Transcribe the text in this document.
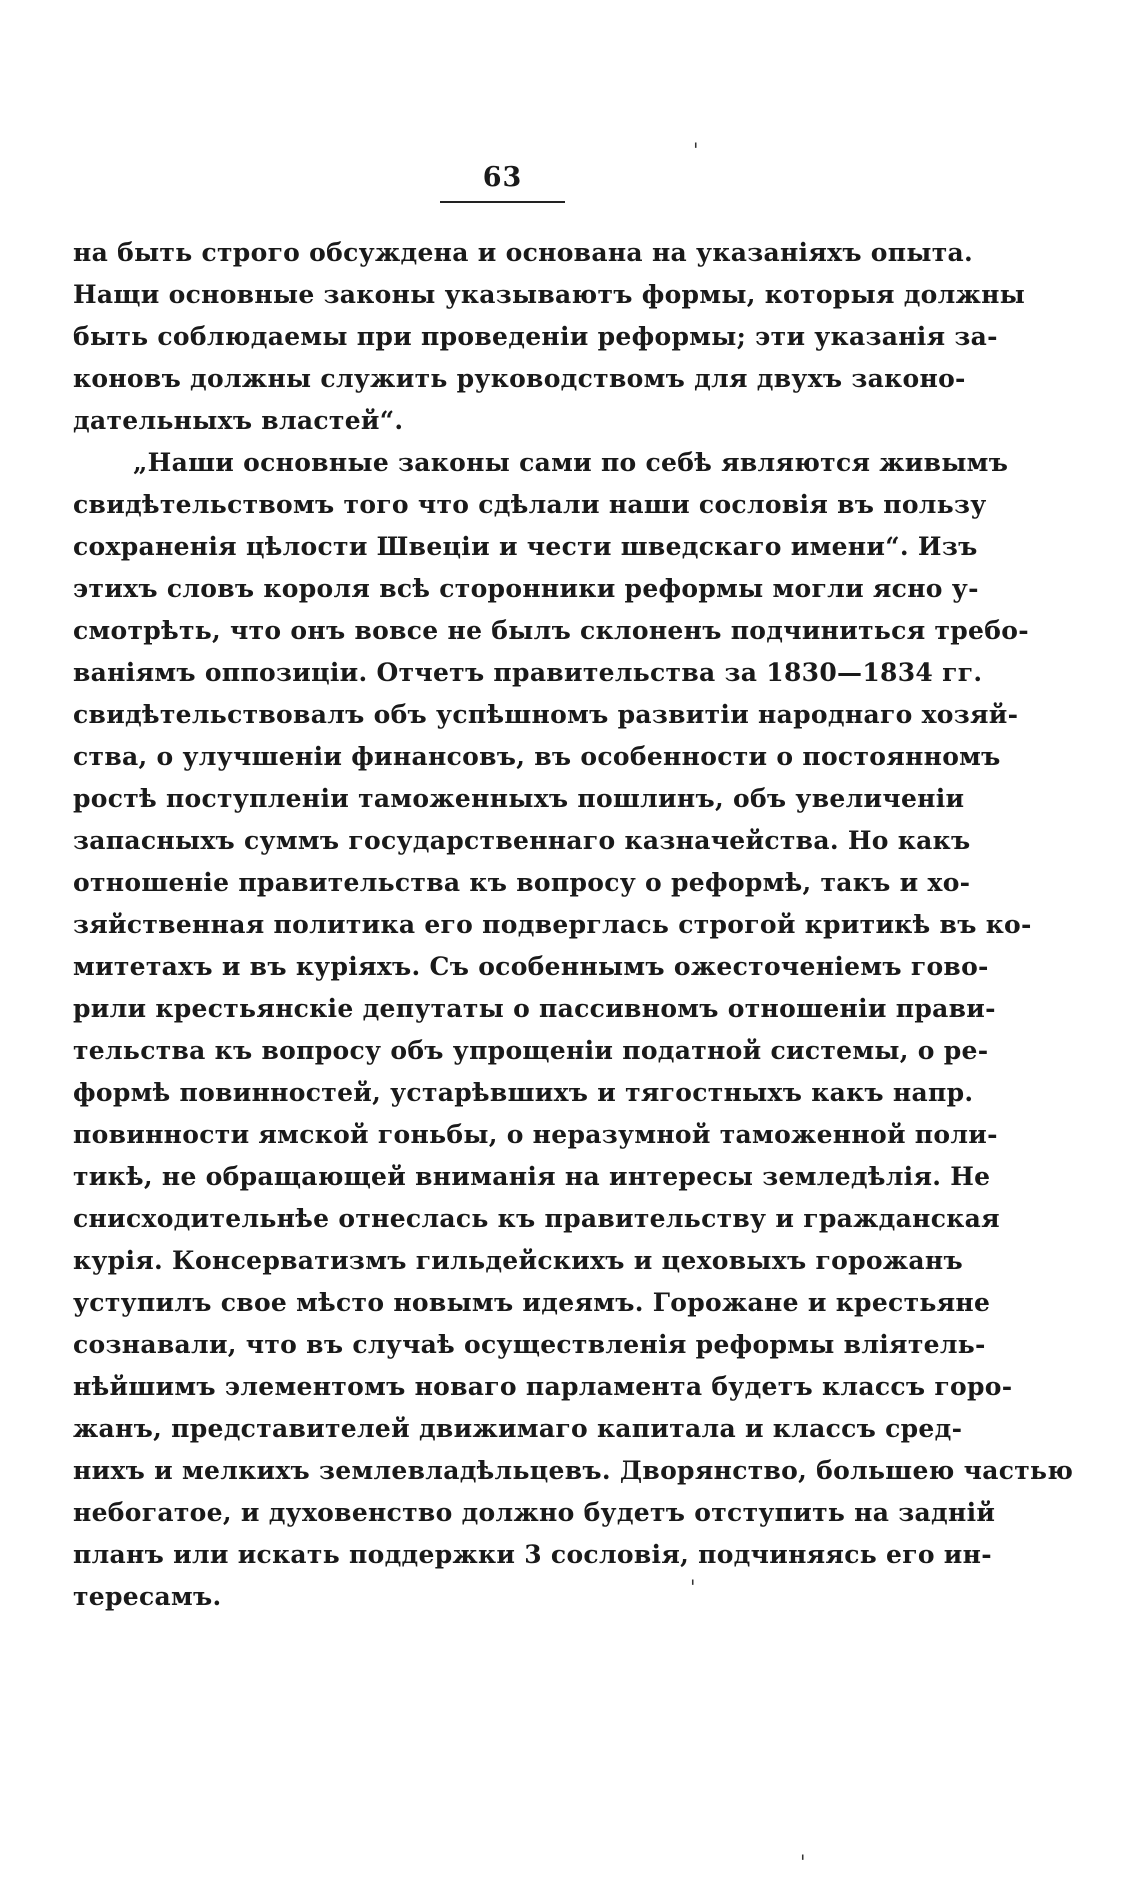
63
на быть строго обсуждена и основана на указаніяхъ опыта.
Нащи основные законы указываютъ формы, которыя должны
быть соблюдаемы при проведеніи реформы; эти указанія за-
коновъ должны служить руководствомъ для двухъ законо-
дательныхъ властей“.
„Наши основные законы сами по себѣ являются живымъ
свидѣтельствомъ того что сдѣлали наши сословія въ пользу
сохраненія цѣлости Швеціи и чести шведскаго имени“. Изъ
этихъ словъ короля всѣ сторонники реформы могли ясно у-
смотрѣть, что онъ вовсе не былъ склоненъ подчиниться требо-
ваніямъ оппозиціи. Отчетъ правительства за 1830—1834 гг.
свидѣтельствовалъ объ успѣшномъ развитіи народнаго хозяй-
ства, о улучшеніи финансовъ, въ особенности о постоянномъ
ростѣ поступленіи таможенныхъ пошлинъ, объ увеличеніи
запасныхъ суммъ государственнаго казначейства. Но какъ
отношеніе правительства къ вопросу о реформѣ, такъ и хо-
зяйственная политика его подверглась строгой критикѣ въ ко-
митетахъ и въ куріяхъ. Съ особеннымъ ожесточеніемъ гово-
рили крестьянскіе депутаты о пассивномъ отношеніи прави-
тельства къ вопросу объ упрощеніи податной системы, о ре-
формѣ повинностей, устарѣвшихъ и тягостныхъ какъ напр.
повинности ямской гоньбы, о неразумной таможенной поли-
тикѣ, не обращающей вниманія на интересы земледѣлія. Не
снисходительнѣе отнеслась къ правительству и гражданская
курія. Консерватизмъ гильдейскихъ и цеховыхъ горожанъ
уступилъ свое мѣсто новымъ идеямъ. Горожане и крестьяне
сознавали, что въ случаѣ осуществленія реформы вліятель-
нѣйшимъ элементомъ новаго парламента будетъ классъ горо-
жанъ, представителей движимаго капитала и классъ сред-
нихъ и мелкихъ землевладѣльцевъ. Дворянство, большею частью
небогатое, и духовенство должно будетъ отступить на задній
планъ или искать поддержки 3 сословія, подчиняясь его ин-
тересамъ.
'
'
'
